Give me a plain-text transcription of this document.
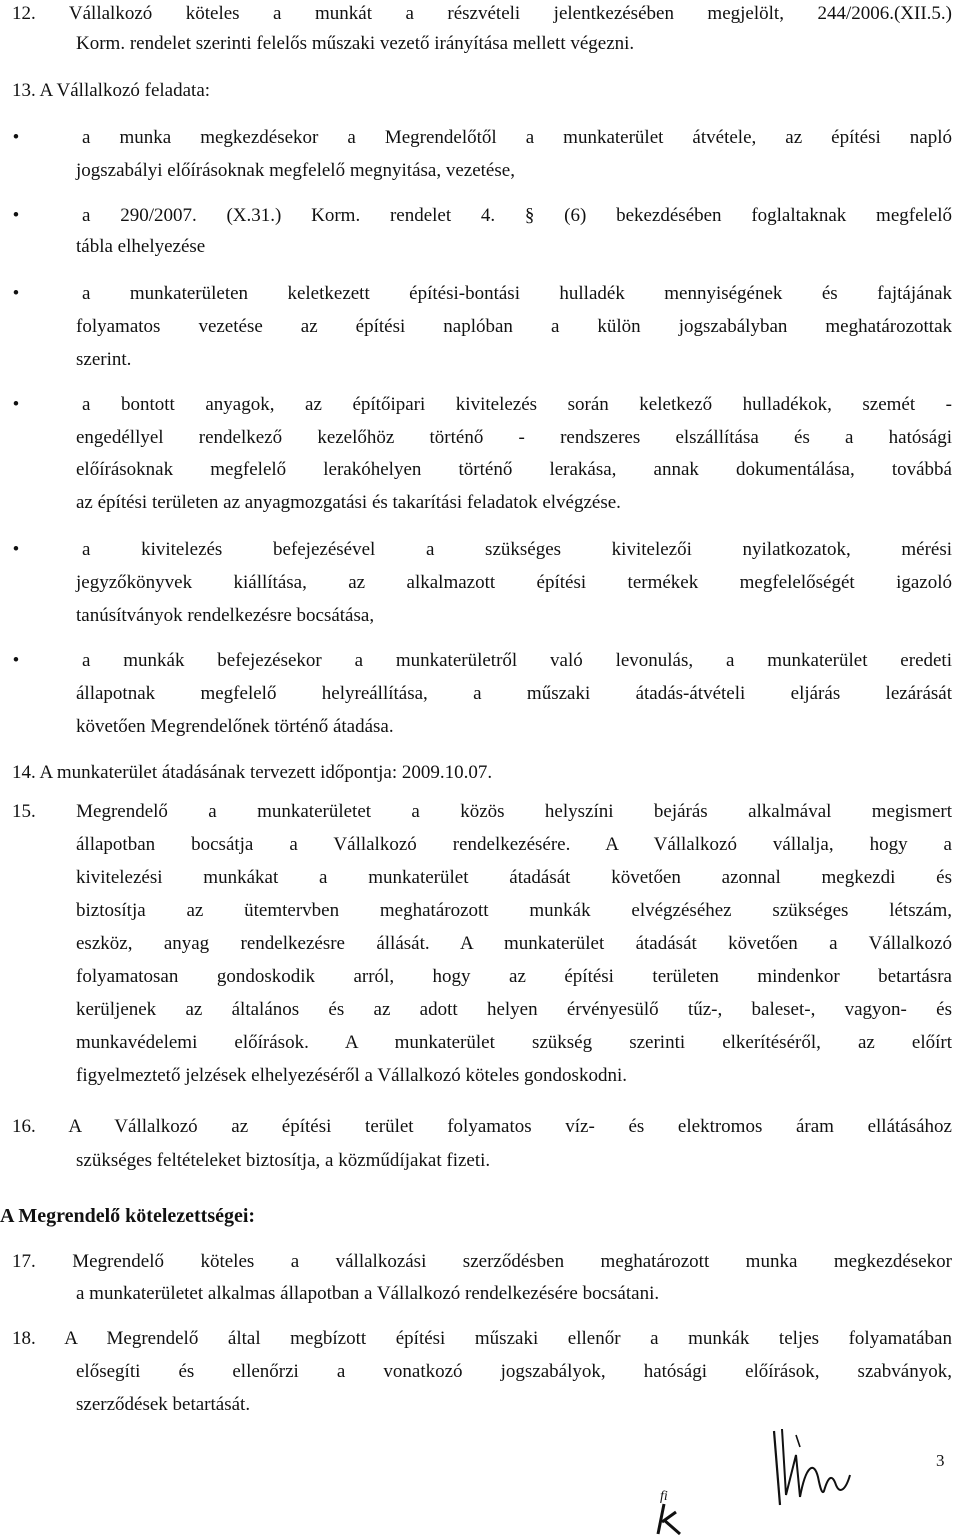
12. Vállalkozó köteles a munkát a részvételi jelentkezésében megjelölt, 244/2006.(XII.5.)
Korm. rendelet szerinti felelős műszaki vezető irányítása mellett végezni.
13. A Vállalkozó feladata:
•	a munka megkezdésekor a Megrendelőtől a munkaterület átvétele, az építési napló
jogszabályi előírásoknak megfelelő megnyitása, vezetése,
•	a 290/2007. (X.31.) Korm. rendelet 4. § (6) bekezdésében foglaltaknak megfelelő
tábla elhelyezése
•	a munkaterületen keletkezett építési-bontási hulladék mennyiségének és fajtájának
folyamatos vezetése az építési naplóban a külön jogszabályban meghatározottak
szerint.
•	a bontott anyagok, az építőipari kivitelezés során keletkező hulladékok, szemét -
engedéllyel rendelkező kezelőhöz történő - rendszeres elszállítása és a hatósági
előírásoknak megfelelő lerakóhelyen történő lerakása, annak dokumentálása, továbbá
az építési területen az anyagmozgatási és takarítási feladatok elvégzése.
•	a kivitelezés befejezésével a szükséges kivitelezői nyilatkozatok, mérési
jegyzőkönyvek kiállítása, az alkalmazott építési termékek megfelelőségét igazoló
tanúsítványok rendelkezésre bocsátása,
•	a munkák befejezésekor a munkaterületről való levonulás, a munkaterület eredeti
állapotnak megfelelő helyreállítása, a műszaki átadás-átvételi eljárás lezárását
követően Megrendelőnek történő átadása.
14. A munkaterület átadásának tervezett időpontja: 2009.10.07.
15. Megrendelő a munkaterületet a közös helyszíni bejárás alkalmával megismert
állapotban bocsátja a Vállalkozó rendelkezésére. A Vállalkozó vállalja, hogy a
kivitelezési munkákat a munkaterület átadását követően azonnal megkezdi és
biztosítja az ütemtervben meghatározott munkák elvégzéséhez szükséges létszám,
eszköz, anyag rendelkezésre állását. A munkaterület átadását követően a Vállalkozó
folyamatosan gondoskodik arról, hogy az építési területen mindenkor betartásra
kerüljenek az általános és az adott helyen érvényesülő tűz-, baleset-, vagyon- és
munkavédelemi előírások. A munkaterület szükség szerinti elkerítéséről, az előírt
figyelmeztető jelzések elhelyezéséről a Vállalkozó köteles gondoskodni.
16. A Vállalkozó az építési terület folyamatos víz- és elektromos áram ellátásához
szükséges feltételeket biztosítja, a közműdíjakat fizeti.
A Megrendelő kötelezettségei:
17. Megrendelő köteles a vállalkozási szerződésben meghatározott munka megkezdésekor
a munkaterületet alkalmas állapotban a Vállalkozó rendelkezésére bocsátani.
18. A Megrendelő által megbízott építési műszaki ellenőr a munkák teljes folyamatában
elősegíti és ellenőrzi a vonatkozó jogszabályok, hatósági előírások, szabványok,
szerződések betartását.
3
fi
